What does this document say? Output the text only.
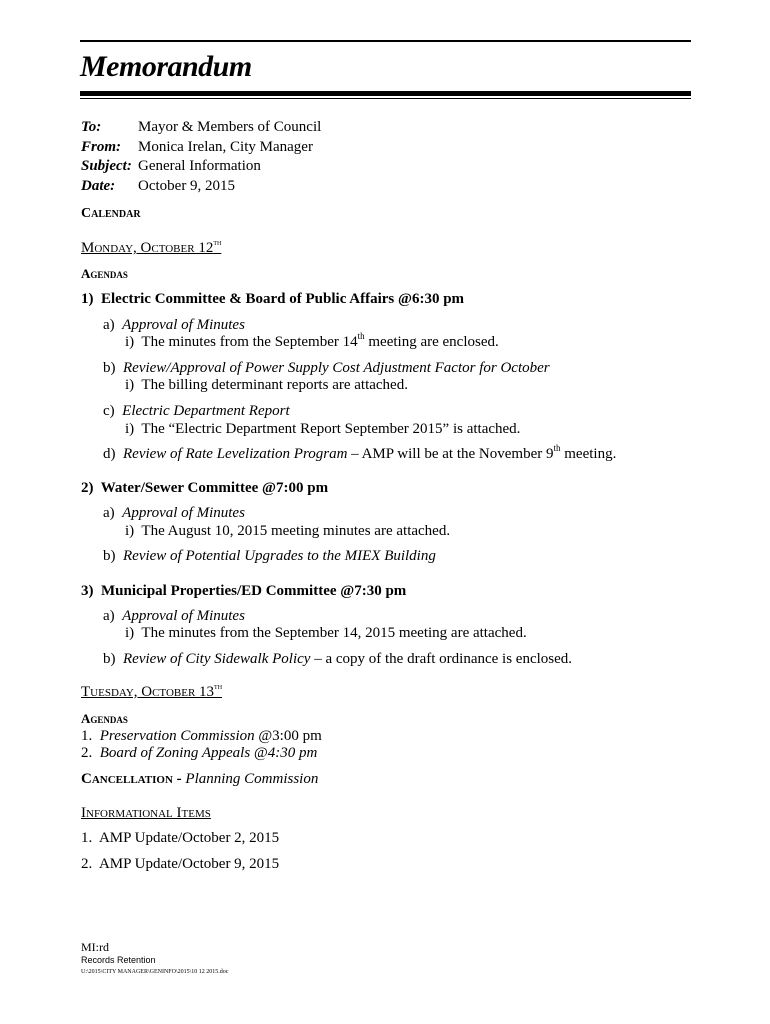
Memorandum
To:	Mayor & Members of Council
From:	Monica Irelan, City Manager
Subject: General Information
Date:	October 9, 2015
Calendar
Monday, October 12th
Agendas
1) Electric Committee & Board of Public Affairs @6:30 pm
a) Approval of Minutes
i) The minutes from the September 14th meeting are enclosed.
b) Review/Approval of Power Supply Cost Adjustment Factor for October
i) The billing determinant reports are attached.
c) Electric Department Report
i) The “Electric Department Report September 2015” is attached.
d) Review of Rate Levelization Program – AMP will be at the November 9th meeting.
2) Water/Sewer Committee @7:00 pm
a) Approval of Minutes
i) The August 10, 2015 meeting minutes are attached.
b) Review of Potential Upgrades to the MIEX Building
3) Municipal Properties/ED Committee @7:30 pm
a) Approval of Minutes
i) The minutes from the September 14, 2015 meeting are attached.
b) Review of City Sidewalk Policy – a copy of the draft ordinance is enclosed.
Tuesday, October 13th
Agendas
1. Preservation Commission @3:00 pm
2. Board of Zoning Appeals @4:30 pm
Cancellation - Planning Commission
Informational Items
1. AMP Update/October 2, 2015
2. AMP Update/October 9, 2015
MI:rd
Records Retention
U:\2015\CITY MANAGER\GENINFO\2015\10 12 2015.doc
